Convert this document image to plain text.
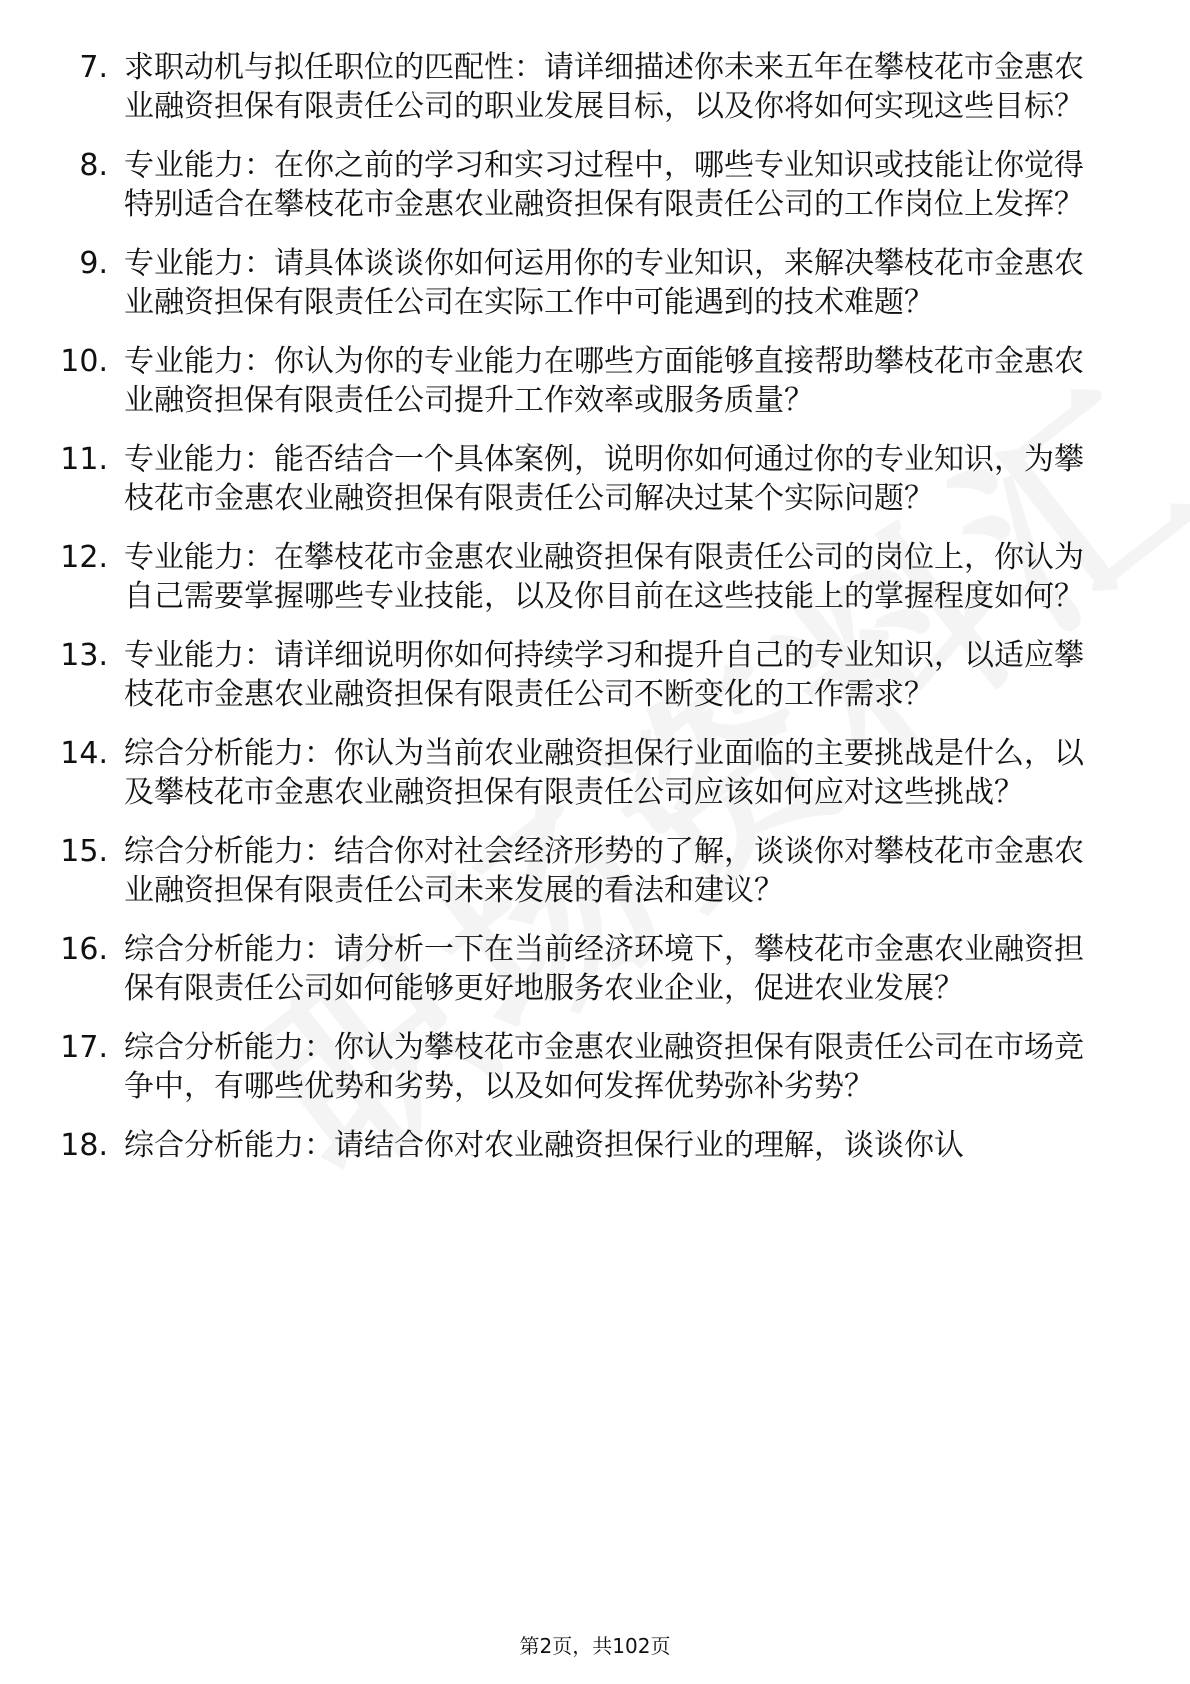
7. 求职动机与拟任职位的匹配性：请详细描述你未来五年在攀枝花市金惠农业融资担保有限责任公司的职业发展目标，以及你将如何实现这些目标？
8. 专业能力：在你之前的学习和实习过程中，哪些专业知识或技能让你觉得特别适合在攀枝花市金惠农业融资担保有限责任公司的工作岗位上发挥？
9. 专业能力：请具体谈谈你如何运用你的专业知识，来解决攀枝花市金惠农业融资担保有限责任公司在实际工作中可能遇到的技术难题？
10. 专业能力：你认为你的专业能力在哪些方面能够直接帮助攀枝花市金惠农业融资担保有限责任公司提升工作效率或服务质量？
11. 专业能力：能否结合一个具体案例，说明你如何通过你的专业知识，为攀枝花市金惠农业融资担保有限责任公司解决过某个实际问题？
12. 专业能力：在攀枝花市金惠农业融资担保有限责任公司的岗位上，你认为自己需要掌握哪些专业技能，以及你目前在这些技能上的掌握程度如何？
13. 专业能力：请详细说明你如何持续学习和提升自己的专业知识，以适应攀枝花市金惠农业融资担保有限责任公司不断变化的工作需求？
14. 综合分析能力：你认为当前农业融资担保行业面临的主要挑战是什么，以及攀枝花市金惠农业融资担保有限责任公司应该如何应对这些挑战？
15. 综合分析能力：结合你对社会经济形势的了解，谈谈你对攀枝花市金惠农业融资担保有限责任公司未来发展的看法和建议？
16. 综合分析能力：请分析一下在当前经济环境下，攀枝花市金惠农业融资担保有限责任公司如何能够更好地服务农业企业，促进农业发展？
17. 综合分析能力：你认为攀枝花市金惠农业融资担保有限责任公司在市场竞争中，有哪些优势和劣势，以及如何发挥优势弥补劣势？
18. 综合分析能力：请结合你对农业融资担保行业的理解，谈谈你认
第2页，共102页
